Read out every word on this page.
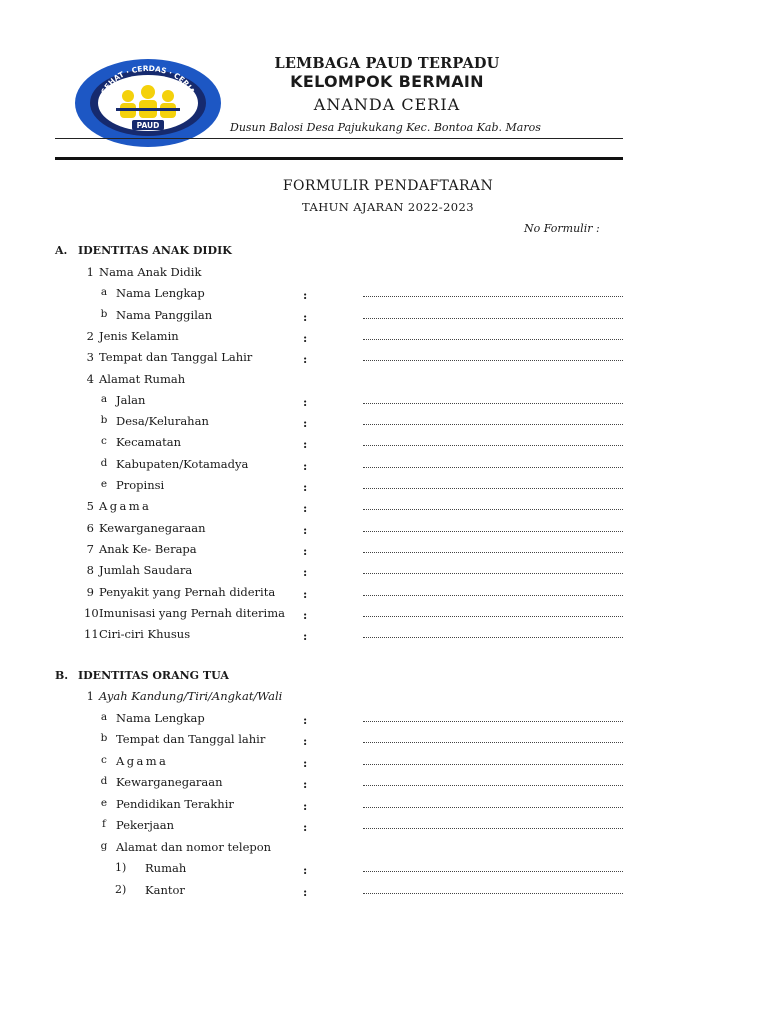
SEHAT · CERDAS · CERIA
PAUD
LEMBAGA PAUD TERPADU
KELOMPOK BERMAIN
ANANDA CERIA
Dusun Balosi Desa Pajukukang Kec. Bontoa Kab. Maros
FORMULIR PENDAFTARAN
TAHUN AJARAN 2022-2023
No Formulir :
A. IDENTITAS ANAK DIDIK
1 Nama Anak Didik
a Nama Lengkap	:
b Nama Panggilan	:
2 Jenis Kelamin	:
3 Tempat dan Tanggal Lahir	:
4 Alamat Rumah
a Jalan	:
b Desa/Kelurahan	:
c Kecamatan	:
d Kabupaten/Kotamadya	:
e Propinsi	:
5 Agama	:
6 Kewarganegaraan	:
7 Anak Ke- Berapa	:
8 Jumlah Saudara	:
9 Penyakit yang Pernah diderita :
10 Imunisasi yang Pernah diterima :
11 Ciri-ciri Khusus	:
B. IDENTITAS ORANG TUA
1 Ayah Kandung/Tiri/Angkat/Wali
a Nama Lengkap	:
b Tempat dan Tanggal lahir	:
c Agama	:
d Kewarganegaraan	:
e Pendidikan Terakhir	:
f Pekerjaan	:
g Alamat dan nomor telepon
1) Rumah	:
2) Kantor	:
